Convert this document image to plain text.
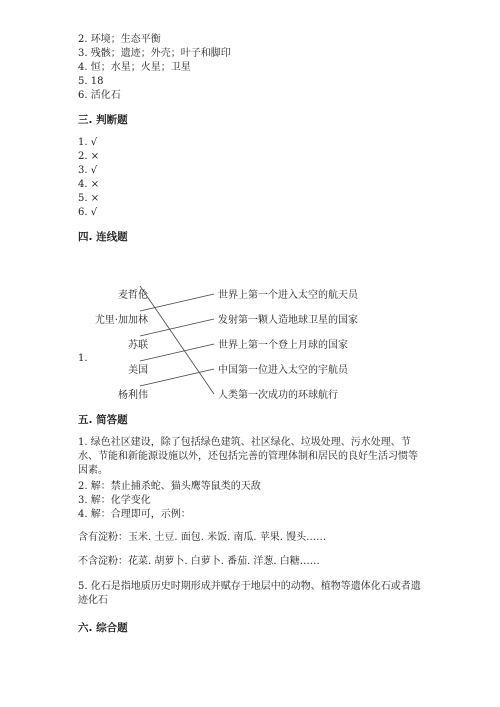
2. 环境；生态平衡
3. 残骸；遗迹；外壳；叶子和脚印
4. 恒；水星；火星；卫星
5. 18
6. 活化石
三. 判断题
1. √
2. ×
3. √
4. ×
5. ×
6. √
四. 连线题
1.
麦哲伦
尤里·加加林
苏联
美国
杨利伟
世界上第一个进入太空的航天员
发射第一颗人造地球卫星的国家
世界上第一个登上月球的国家
中国第一位进入太空的宇航员
人类第一次成功的环球航行
五. 简答题
1. 绿色社区建设，除了包括绿色建筑、社区绿化、垃圾处理、污水处理、节水、节能和新能源设施以外，还包括完善的管理体制和居民的良好生活习惯等因素。
2. 解：禁止捕杀蛇、猫头鹰等鼠类的天敌
3. 解：化学变化
4. 解：合理即可，示例：
含有淀粉：玉米. 土豆. 面包. 米饭. 南瓜. 苹果. 馒头……
不含淀粉：花菜. 胡萝卜. 白萝卜. 番茄. 洋葱. 白糖……
5. 化石是指地质历史时期形成并赋存于地层中的动物、植物等遗体化石或者遗迹化石
六. 综合题
